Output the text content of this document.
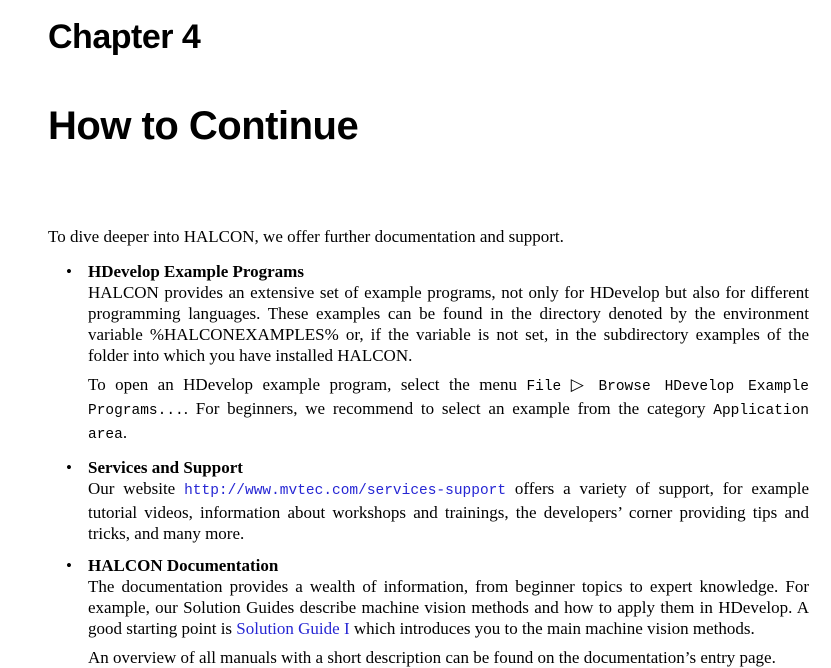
Chapter 4
How to Continue

To dive deeper into HALCON, we offer further documentation and support.

• HDevelop Example Programs

HALCON provides an extensive set of example programs, not only for HDevelop but also for different programming languages. These examples can be found in the directory denoted by the environment variable %HALCONEXAMPLES% or, if the variable is not set, in the subdirectory examples of the folder into which you have installed HALCON.

To open an HDevelop example program, select the menu File ▷ Browse HDevelop Example Programs.... For beginners, we recommend to select an example from the category Application area.

• Services and Support

Our website http://www.mvtec.com/services-support offers a variety of support, for example tutorial videos, information about workshops and trainings, the developers’ corner providing tips and tricks, and many more.

• HALCON Documentation

The documentation provides a wealth of information, from beginner topics to expert knowledge. For example, our Solution Guides describe machine vision methods and how to apply them in HDevelop. A good starting point is Solution Guide I which introduces you to the main machine vision methods.

An overview of all manuals with a short description can be found on the documentation’s entry page.
